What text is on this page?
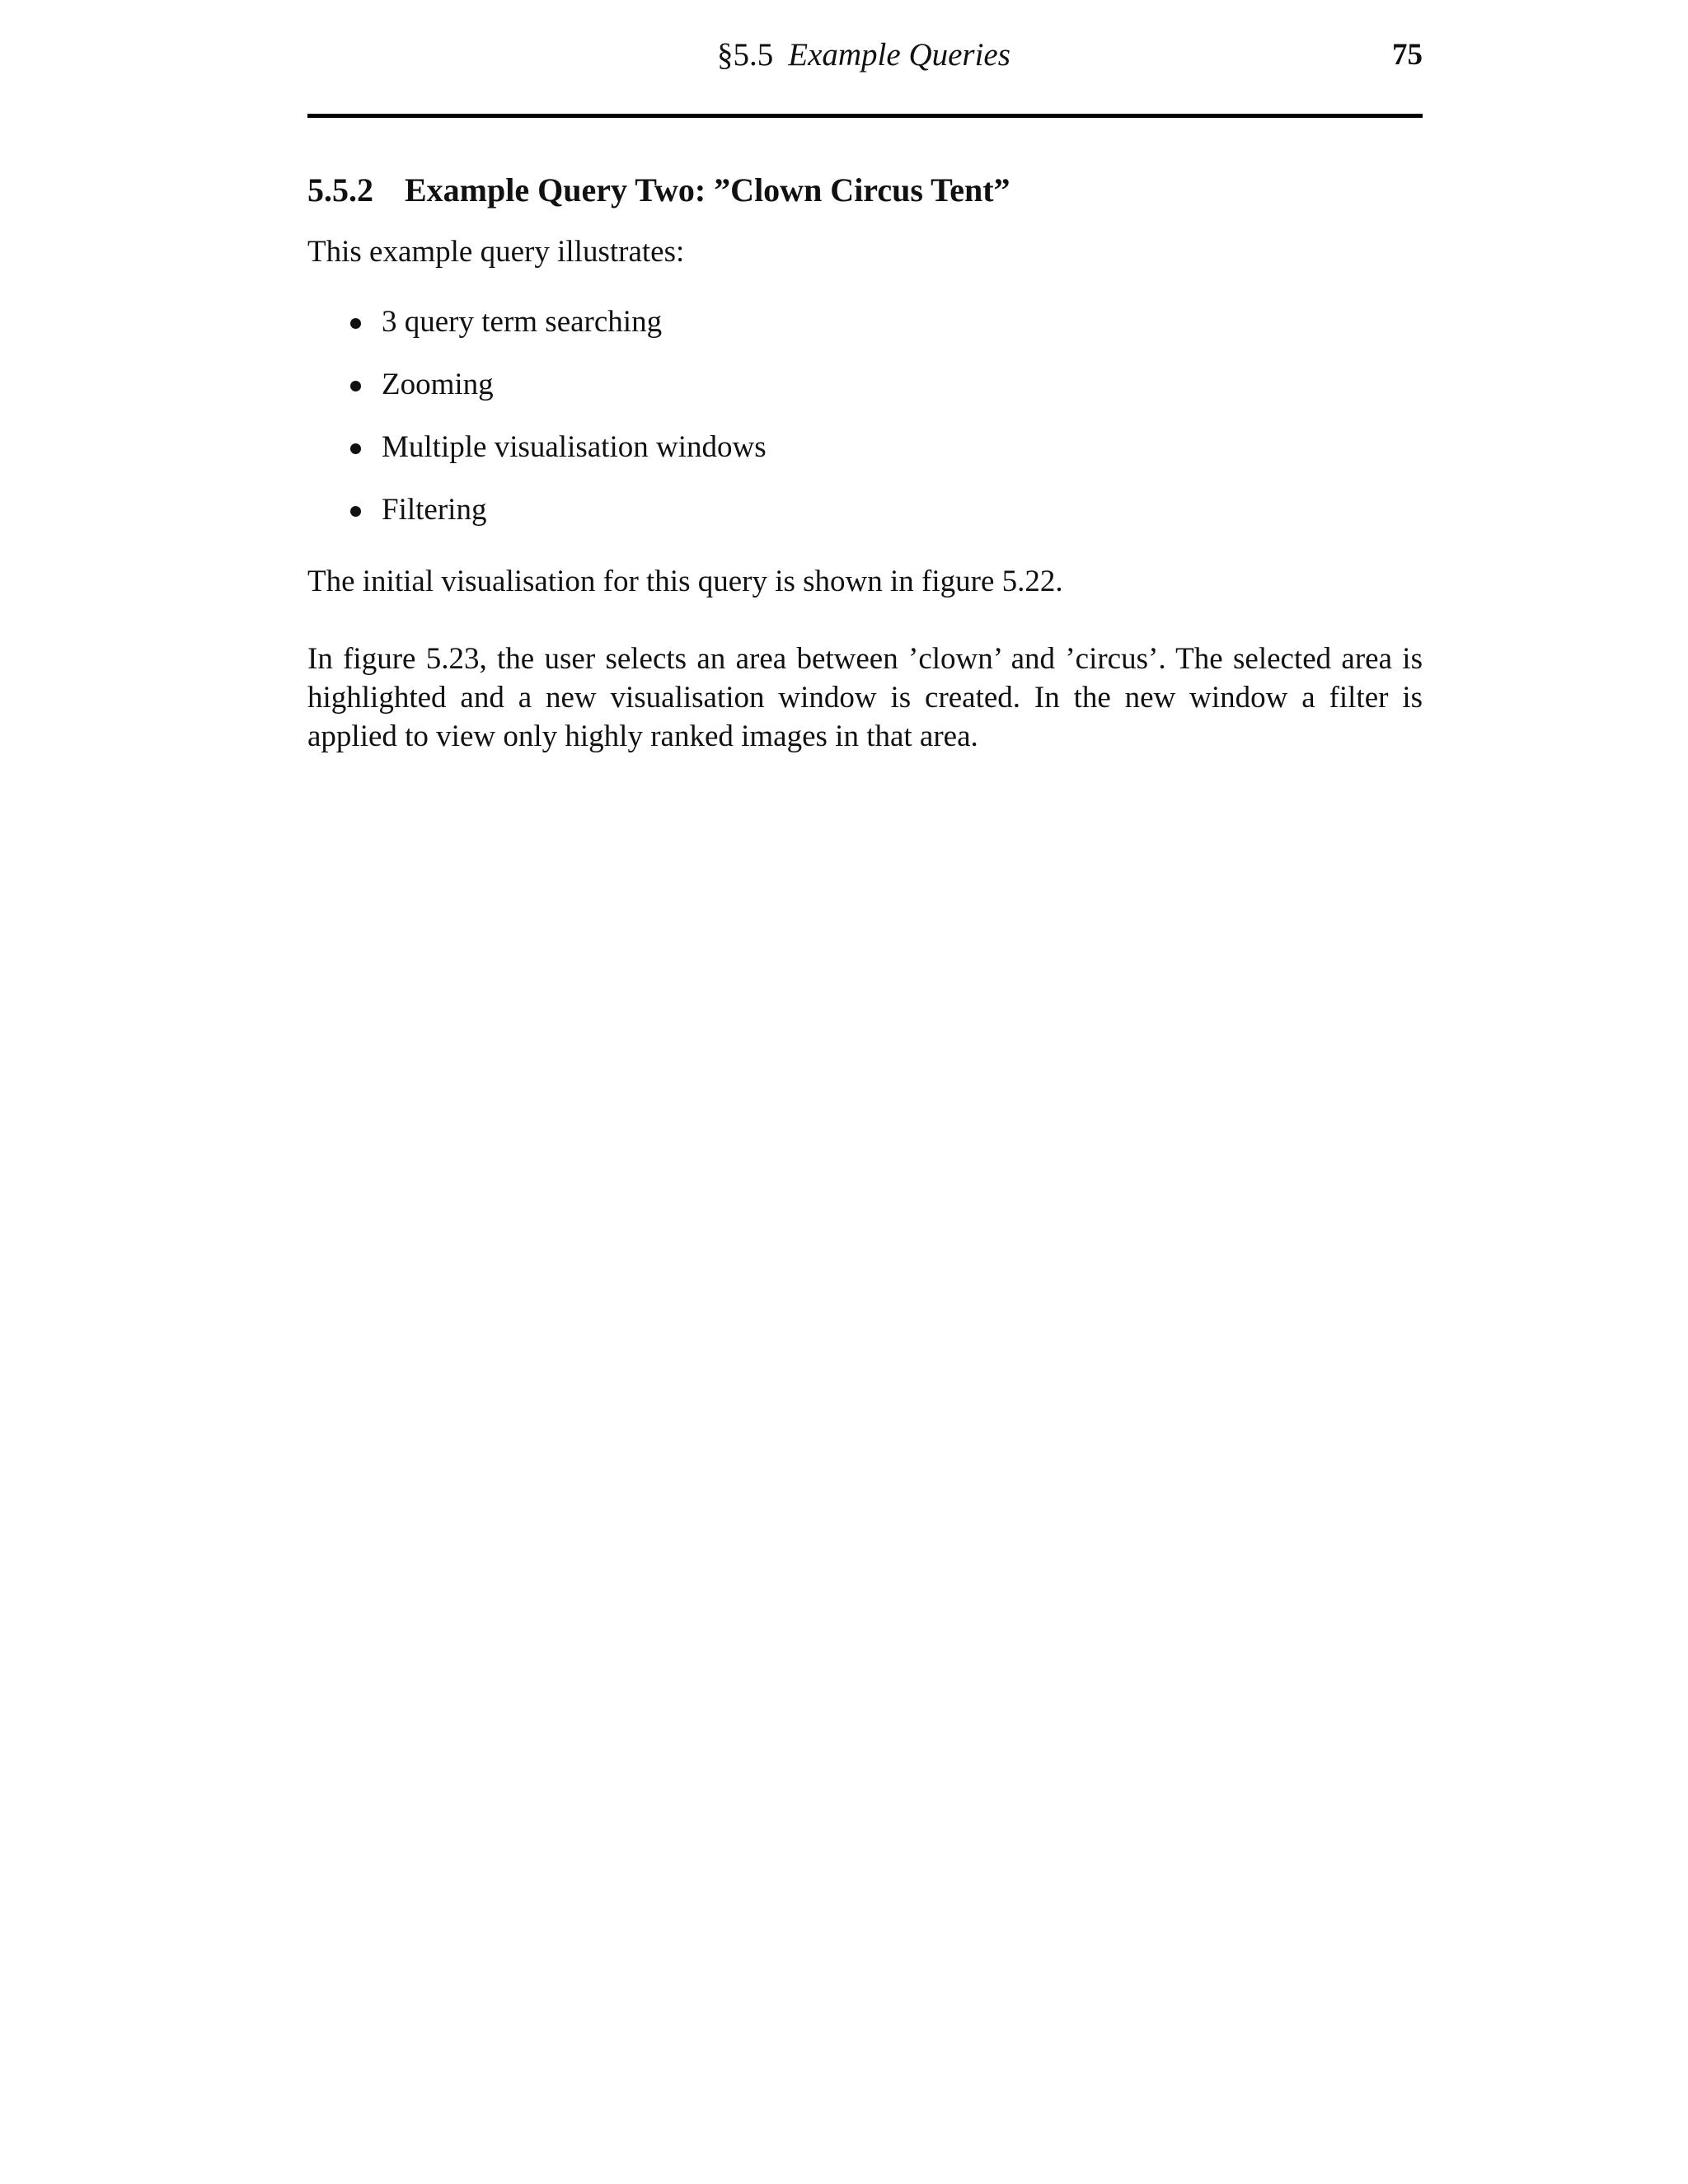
§5.5 Example Queries	75
5.5.2 Example Query Two: ”Clown Circus Tent”
This example query illustrates:
3 query term searching
Zooming
Multiple visualisation windows
Filtering
The initial visualisation for this query is shown in figure 5.22.

In figure 5.23, the user selects an area between ’clown’ and ’circus’. The selected area is highlighted and a new visualisation window is created. In the new window a filter is applied to view only highly ranked images in that area.
